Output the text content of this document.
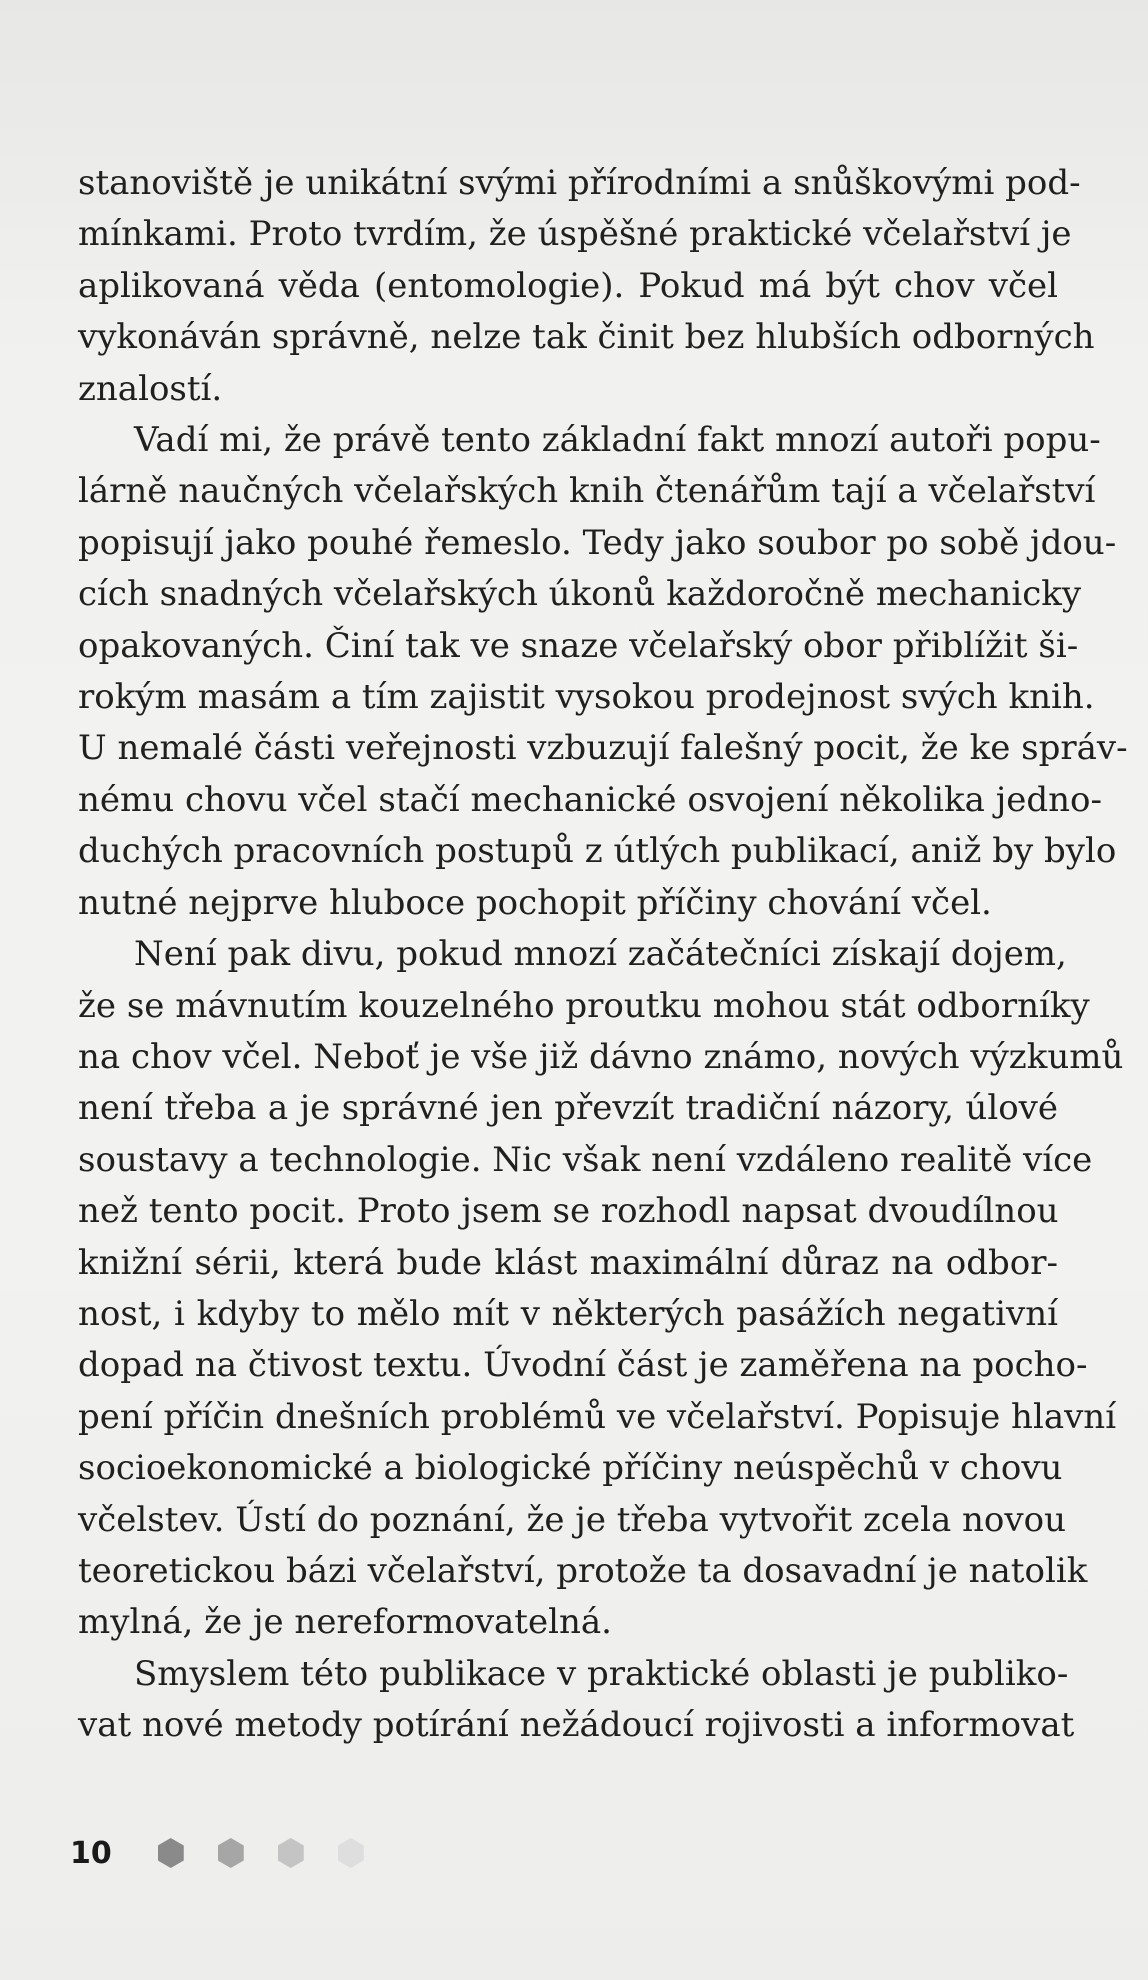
stanoviště je unikátní svými přírodními a snůškovými pod-
mínkami. Proto tvrdím, že úspěšné praktické včelařství je
aplikovaná věda (entomologie). Pokud má být chov včel
vykonáván správně, nelze tak činit bez hlubších odborných
znalostí.

Vadí mi, že právě tento základní fakt mnozí autoři popu-
lárně naučných včelařských knih čtenářům tají a včelařství
popisují jako pouhé řemeslo. Tedy jako soubor po sobě jdou-
cích snadných včelařských úkonů každoročně mechanicky
opakovaných. Činí tak ve snaze včelařský obor přiblížit ši-
rokým masám a tím zajistit vysokou prodejnost svých knih.
U nemalé části veřejnosti vzbuzují falešný pocit, že ke správ-
nému chovu včel stačí mechanické osvojení několika jedno-
duchých pracovních postupů z útlých publikací, aniž by bylo
nutné nejprve hluboce pochopit příčiny chování včel.

Není pak divu, pokud mnozí začátečníci získají dojem,
že se mávnutím kouzelného proutku mohou stát odborníky
na chov včel. Neboť je vše již dávno známo, nových výzkumů
není třeba a je správné jen převzít tradiční názory, úlové
soustavy a technologie. Nic však není vzdáleno realitě více
než tento pocit. Proto jsem se rozhodl napsat dvoudílnou
knižní sérii, která bude klást maximální důraz na odbor-
nost, i kdyby to mělo mít v některých pasážích negativní
dopad na čtivost textu. Úvodní část je zaměřena na pocho-
pení příčin dnešních problémů ve včelařství. Popisuje hlavní
socioekonomické a biologické příčiny neúspěchů v chovu
včelstev. Ústí do poznání, že je třeba vytvořit zcela novou
teoretickou bázi včelařství, protože ta dosavadní je natolik
mylná, že je nereformovatelná.

Smyslem této publikace v praktické oblasti je publiko-
vat nové metody potírání nežádoucí rojivosti a informovat

10
